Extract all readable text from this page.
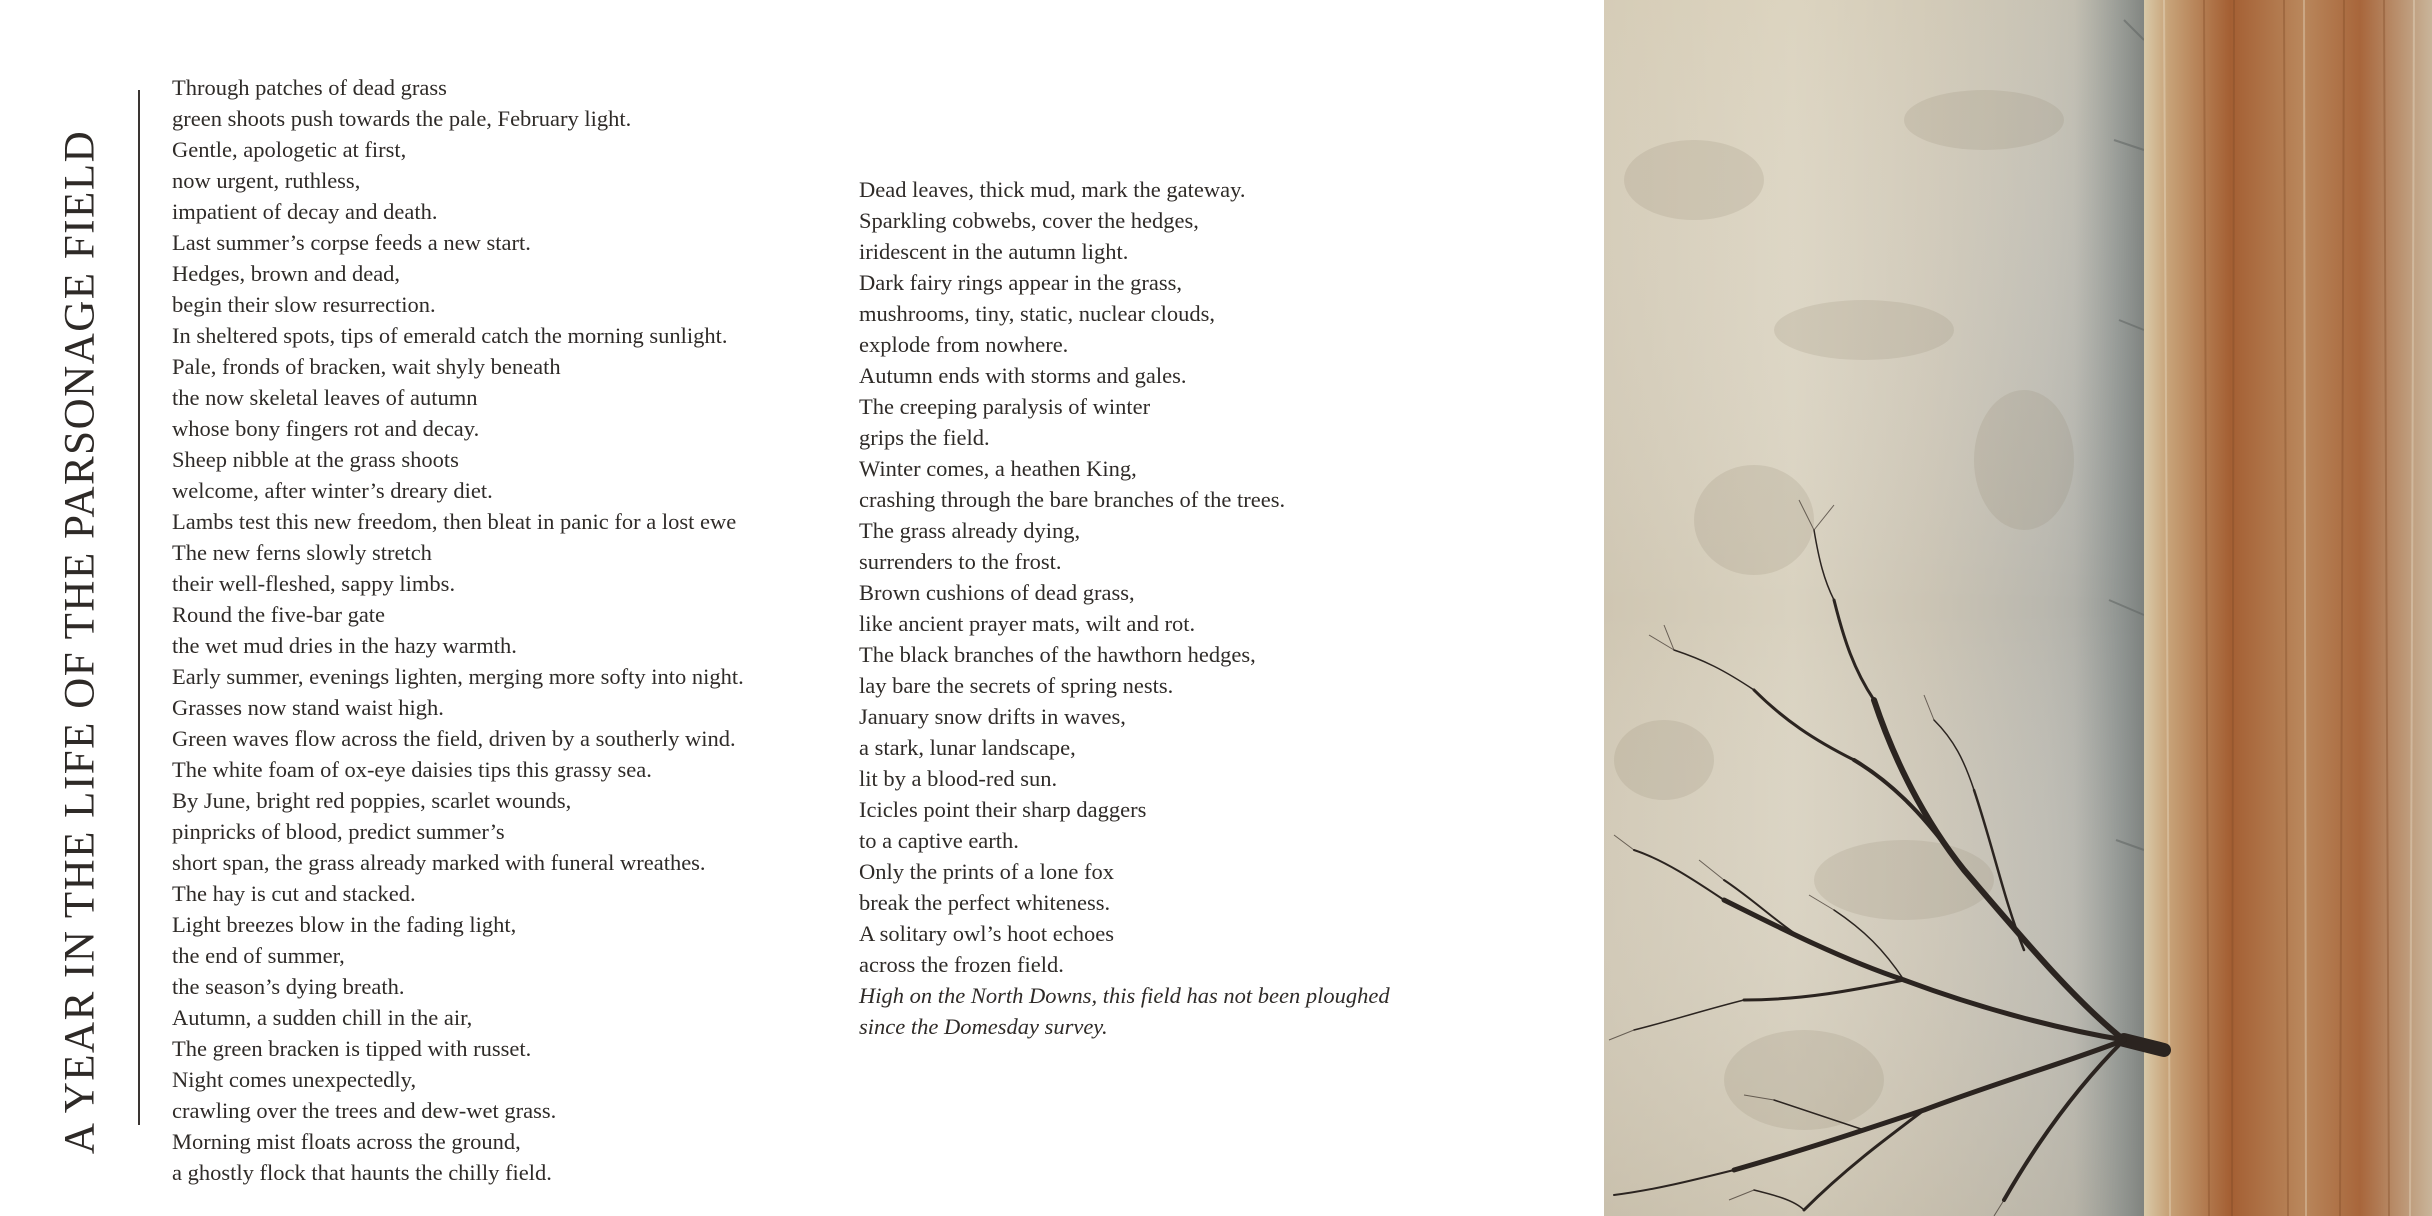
A YEAR IN THE LIFE OF THE PARSONAGE FIELD
Through patches of dead grass
green shoots push towards the pale, February light.
Gentle, apologetic at first,
now urgent, ruthless,
impatient of decay and death.
Last summer’s corpse feeds a new start.
Hedges, brown and dead,
begin their slow resurrection.
In sheltered spots, tips of emerald catch the morning sunlight.
Pale, fronds of bracken, wait shyly beneath
the now skeletal leaves of autumn
whose bony fingers rot and decay.
Sheep nibble at the grass shoots
welcome, after winter’s dreary diet.
Lambs test this new freedom, then bleat in panic for a lost ewe
The new ferns slowly stretch
their well-fleshed, sappy limbs.
Round the five-bar gate
the wet mud dries in the hazy warmth.
Early summer, evenings lighten, merging more softy into night.
Grasses now stand waist high.
Green waves flow across the field, driven by a southerly wind.
The white foam of ox-eye daisies tips this grassy sea.
By June, bright red poppies, scarlet wounds,
pinpricks of blood, predict summer’s
short span, the grass already marked with funeral wreathes.
The hay is cut and stacked.
Light breezes blow in the fading light,
the end of summer,
the season’s dying breath.
Autumn, a sudden chill in the air,
The green bracken is tipped with russet.
Night comes unexpectedly,
crawling over the trees and dew-wet grass.
Morning mist floats across the ground,
a ghostly flock that haunts the chilly field.
Dead leaves, thick mud, mark the gateway.
Sparkling cobwebs, cover the hedges,
iridescent in the autumn light.
Dark fairy rings appear in the grass,
mushrooms, tiny, static, nuclear clouds,
explode from nowhere.
Autumn ends with storms and gales.
The creeping paralysis of winter
grips the field.
Winter comes, a heathen King,
crashing through the bare branches of the trees.
The grass already dying,
surrenders to the frost.
Brown cushions of dead grass,
like ancient prayer mats, wilt and rot.
The black branches of the hawthorn hedges,
lay bare the secrets of spring nests.
January snow drifts in waves,
a stark, lunar landscape,
lit by a blood-red sun.
Icicles point their sharp daggers
to a captive earth.
Only the prints of a lone fox
break the perfect whiteness.
A solitary owl’s hoot echoes
across the frozen field.

High on the North Downs, this field has not been ploughed
since the Domesday survey.
